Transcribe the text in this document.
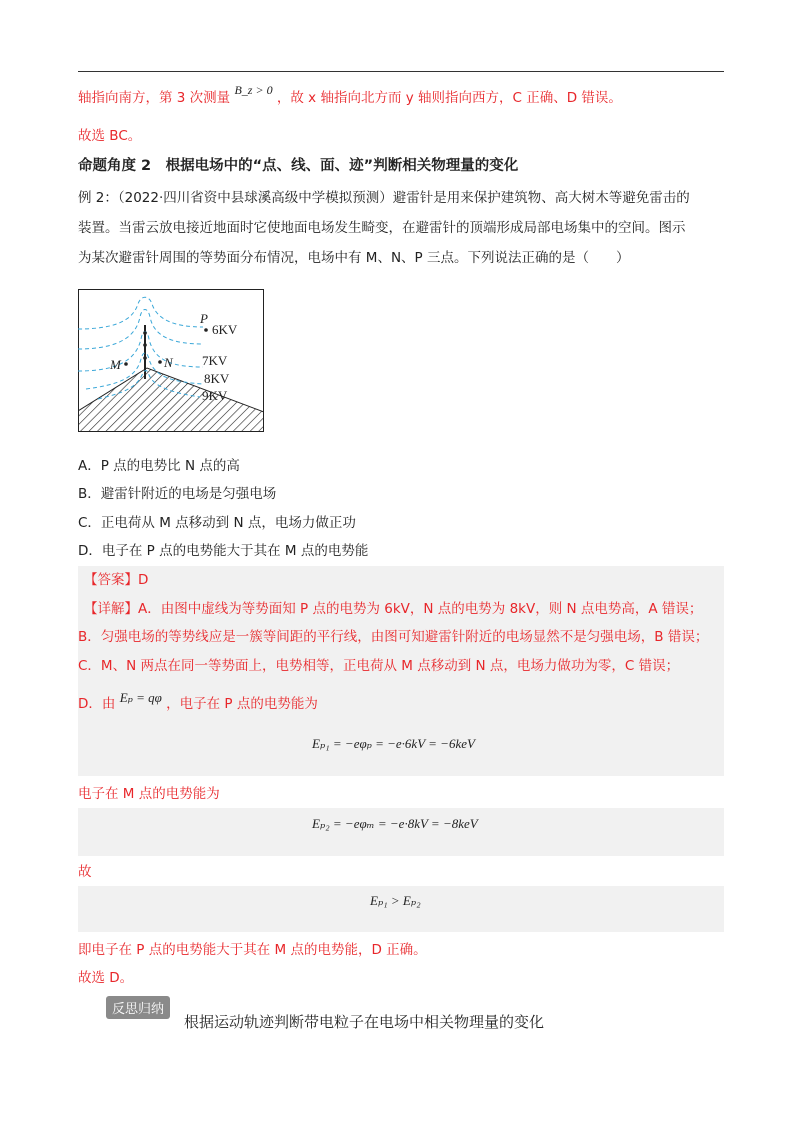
轴指向南方，第 3 次测量 B_z > 0 ，故 x 轴指向北方而 y 轴则指向西方，C 正确、D 错误。
故选 BC。
命题角度 2　根据电场中的“点、线、面、迹”判断相关物理量的变化
例 2：（2022·四川省资中县球溪高级中学模拟预测）避雷针是用来保护建筑物、高大树木等避免雷击的
装置。当雷云放电接近地面时它使地面电场发生畸变，在避雷针的顶端形成局部电场集中的空间。图示
为某次避雷针周围的等势面分布情况，电场中有 M、N、P 三点。下列说法正确的是（　　）
P
6KV
M	N 7KV
8KV
9KV
A．P 点的电势比 N 点的高
B．避雷针附近的电场是匀强电场
C．正电荷从 M 点移动到 N 点，电场力做正功
D．电子在 P 点的电势能大于其在 M 点的电势能
【答案】D
【详解】A．由图中虚线为等势面知 P 点的电势为 6kV，N 点的电势为 8kV，则 N 点电势高，A 错误；
B．匀强电场的等势线应是一簇等间距的平行线，由图可知避雷针附近的电场显然不是匀强电场，B 错误；
C．M、N 两点在同一等势面上，电势相等，正电荷从 M 点移动到 N 点，电场力做功为零，C 错误；
D．由 Eₚ = qφ ，电子在 P 点的电势能为
Eₚ₁ = −eφₚ = −e·6kV = −6keV
电子在 M 点的电势能为
Eₚ₂ = −eφₘ = −e·8kV = −8keV
故
Eₚ₁ > Eₚ₂
即电子在 P 点的电势能大于其在 M 点的电势能，D 正确。
故选 D。
反思归纳
根据运动轨迹判断带电粒子在电场中相关物理量的变化
